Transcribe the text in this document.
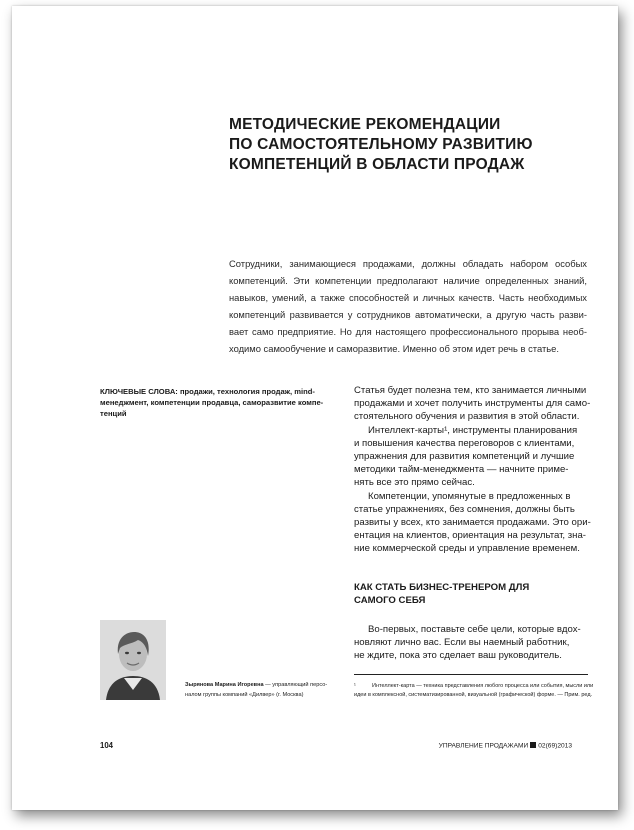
МЕТОДИЧЕСКИЕ РЕКОМЕНДАЦИИ
ПО САМОСТОЯТЕЛЬНОМУ РАЗВИТИЮ
КОМПЕТЕНЦИЙ В ОБЛАСТИ ПРОДАЖ
Сотрудники, занимающиеся продажами, должны обладать набором особых
компетенций. Эти компетенции предполагают наличие определенных знаний,
навыков, умений, а также способностей и личных качеств. Часть необходимых
компетенций развивается у сотрудников автоматически, а другую часть разви-
вает само предприятие. Но для настоящего профессионального прорыва необ-
ходимо самообучение и саморазвитие. Именно об этом идет речь в статье.
КЛЮЧЕВЫЕ СЛОВА: продажи, технология продаж, mind-
менеджмент, компетенции продавца, саморазвитие компе-
тенций
Статья будет полезна тем, кто занимается личными
продажами и хочет получить инструменты для само-
стоятельного обучения и развития в этой области.
Интеллект-карты¹, инструменты планирования
и повышения качества переговоров с клиентами,
упражнения для развития компетенций и лучшие
методики тайм-менеджмента — начните приме-
нять все это прямо сейчас.
Компетенции, упомянутые в предложенных в
статье упражнениях, без сомнения, должны быть
развиты у всех, кто занимается продажами. Это ори-
ентация на клиентов, ориентация на результат, зна-
ние коммерческой среды и управление временем.
КАК СТАТЬ БИЗНЕС-ТРЕНЕРОМ ДЛЯ
САМОГО СЕБЯ
Во-первых, поставьте себе цели, которые вдох-
новляют лично вас. Если вы наемный работник,
не ждите, пока это сделает ваш руководитель.
¹	Интеллект-карта — техника представления любого процесса или события, мысли или
идеи в комплексной, систематизированной, визуальной (графической) форме. — Прим. ред.
Зырянова Марина Игоревна — управляющий персо-
налом группы компаний «Дилвер» (г. Москва)
104	УПРАВЛЕНИЕ ПРОДАЖАМИ 02(69)2013
